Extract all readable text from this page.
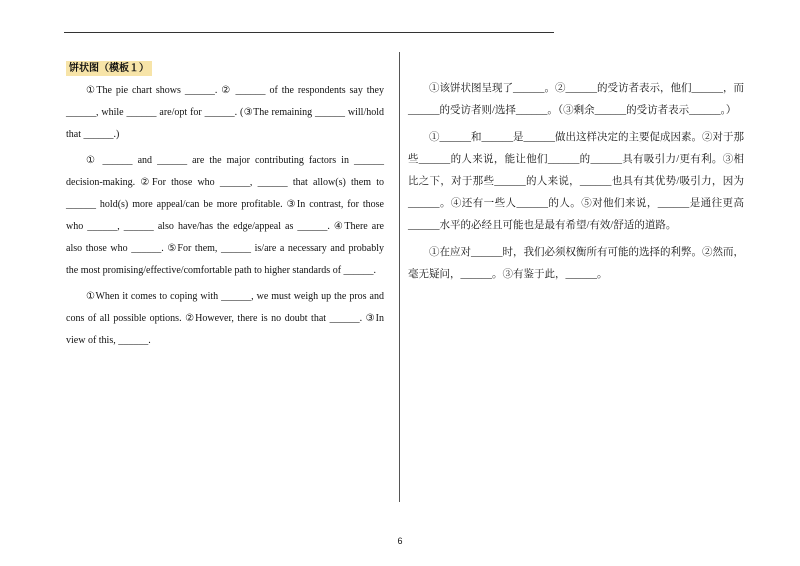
饼状图（模板１）

①The pie chart shows ______. ② ______ of the respondents say they ______, while ______ are/opt for ______. (③The remaining ______ will/hold that ______.)

① ______ and ______ are the major contributing factors in ______ decision-making. ②For those who ______, ______ that allow(s) them to ______ hold(s) more appeal/can be more profitable. ③In contrast, for those who ______, ______ also have/has the edge/appeal as ______. ④There are also those who ______. ⑤For them, ______ is/are a necessary and probably the most promising/effective/comfortable path to higher standards of ______.

①When it comes to coping with ______, we must weigh up the pros and cons of all possible options. ②However, there is no doubt that ______. ③In view of this, ______.

①该饼状图呈现了______。②______的受访者表示，他们______，而______的受访者则/选择______。（③剩余______的受访者表示______。）

①______和______是______做出这样决定的主要促成因素。②对于那些______的人来说，能让他们______的______具有吸引力/更有利。③相比之下，对于那些______的人来说，______也具有其优势/吸引力，因为______。④还有一些人______的人。⑤对他们来说，______是通往更高______水平的必经且可能也是最有希望/有效/舒适的道路。

①在应对______时，我们必须权衡所有可能的选择的利弊。②然而，毫无疑问，______。③有鉴于此，______。

6
